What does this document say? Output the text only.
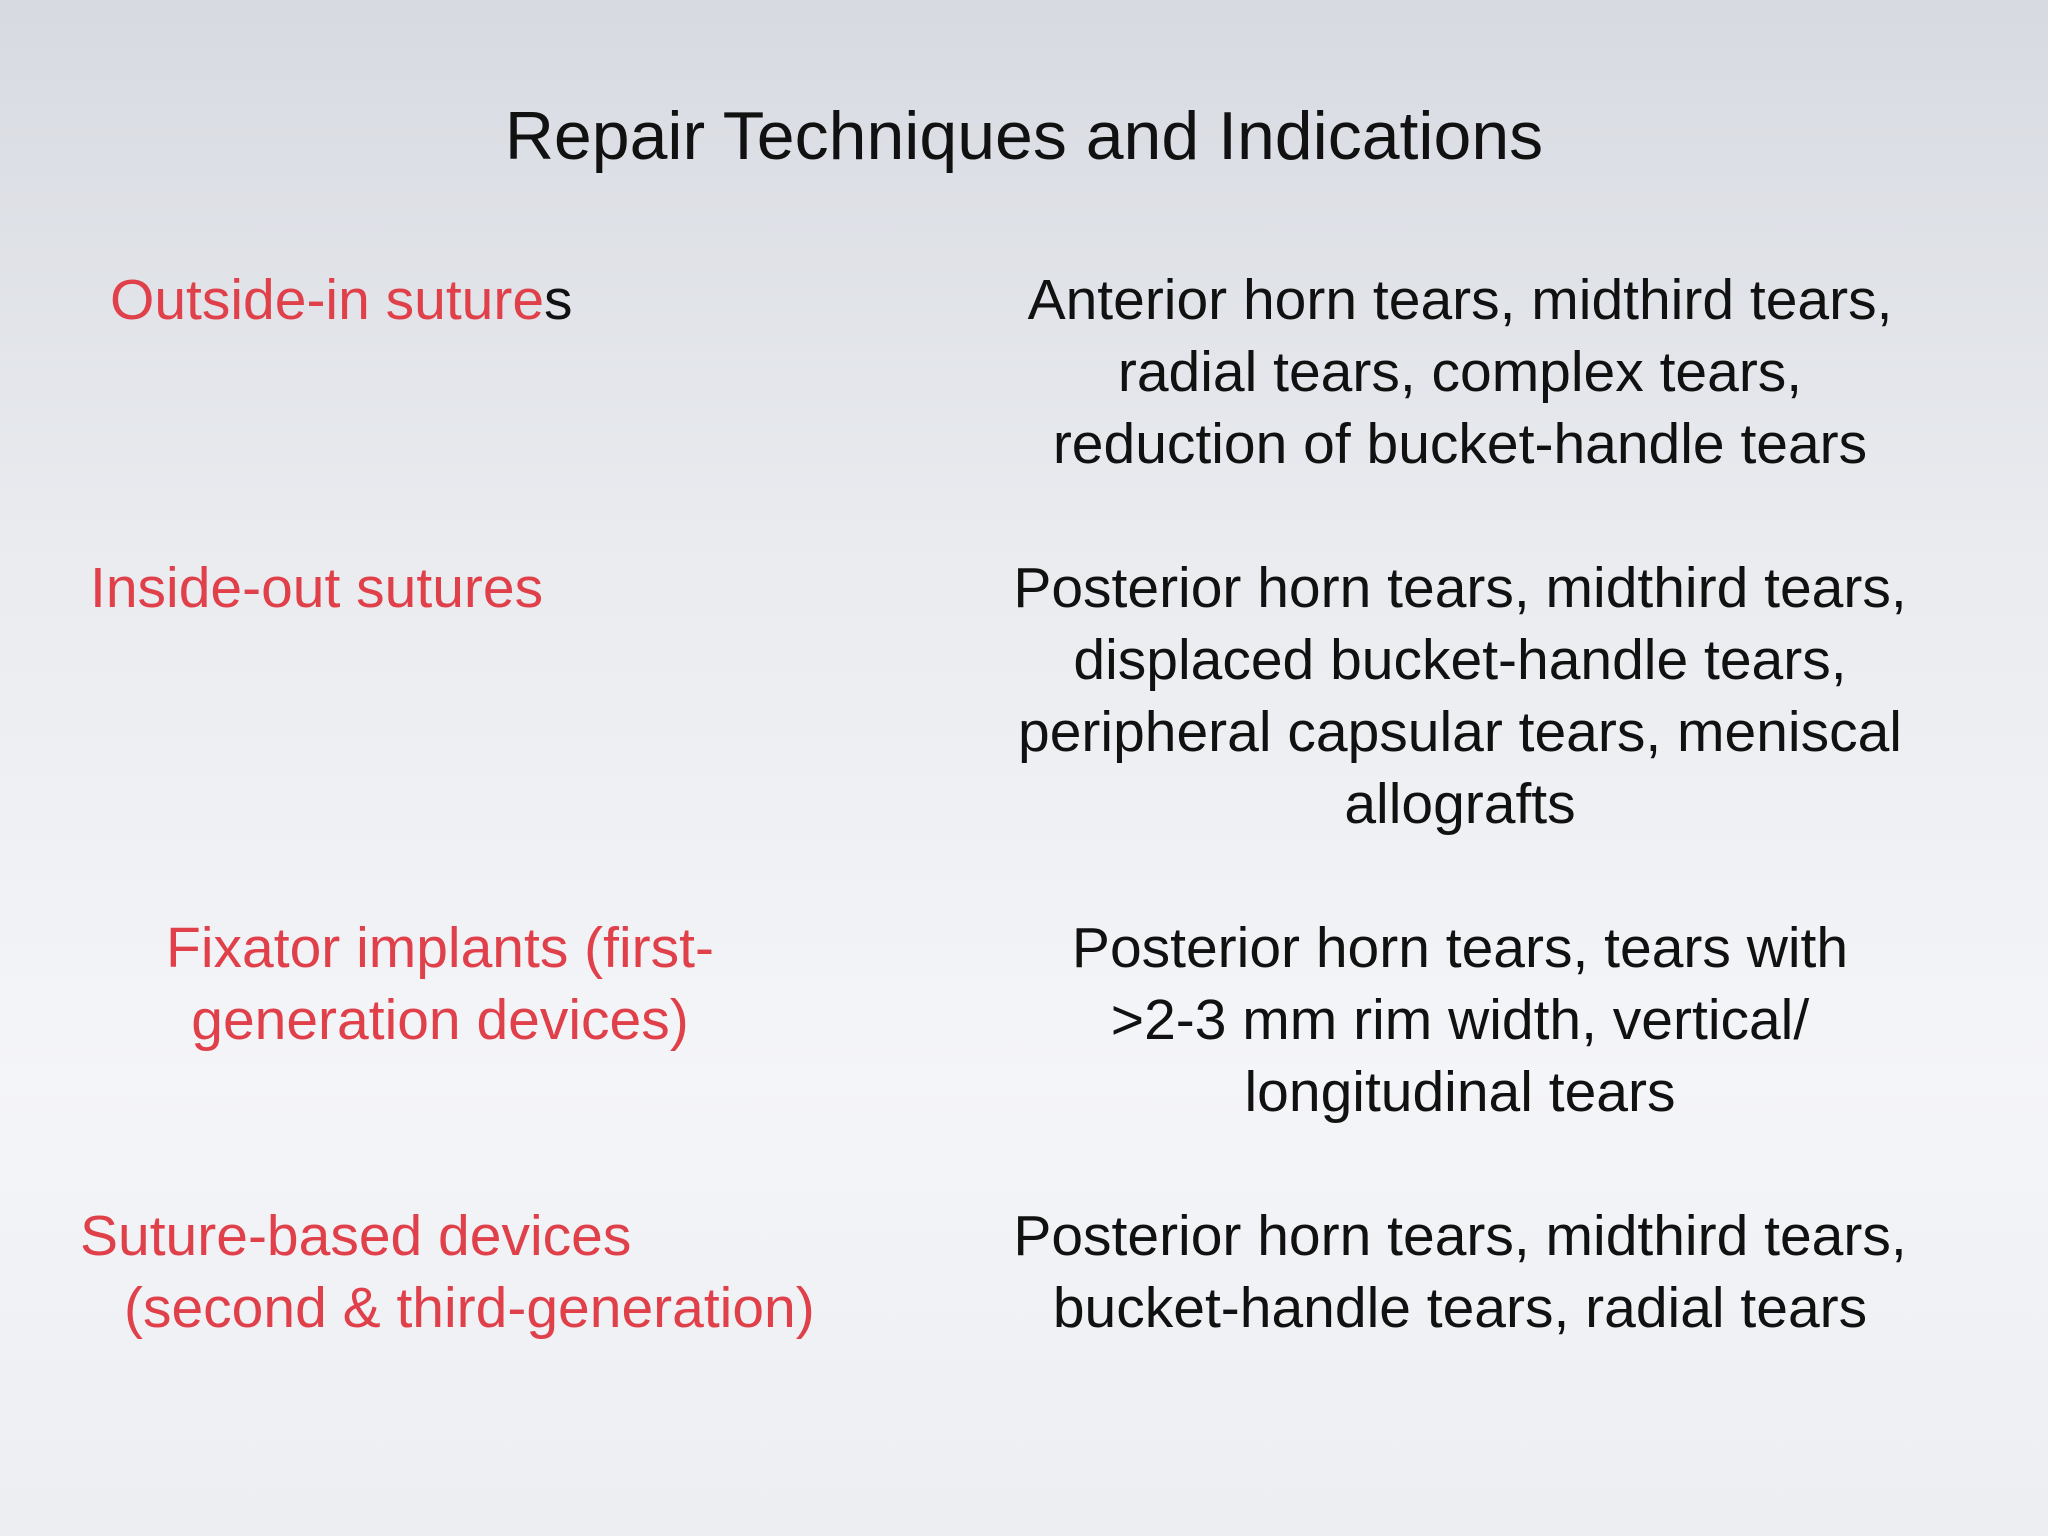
Repair Techniques and Indications
Outside-in sutures	Anterior horn tears, midthird tears,
radial tears, complex tears,
reduction of bucket-handle tears
Inside-out sutures	Posterior horn tears, midthird tears,
displaced bucket-handle tears,
peripheral capsular tears, meniscal
allografts
Fixator implants (first-
generation devices)
Posterior horn tears, tears with
>2-3 mm rim width, vertical/
longitudinal tears
Suture-based devices
(second & third-generation)
Posterior horn tears, midthird tears,
bucket-handle tears, radial tears
